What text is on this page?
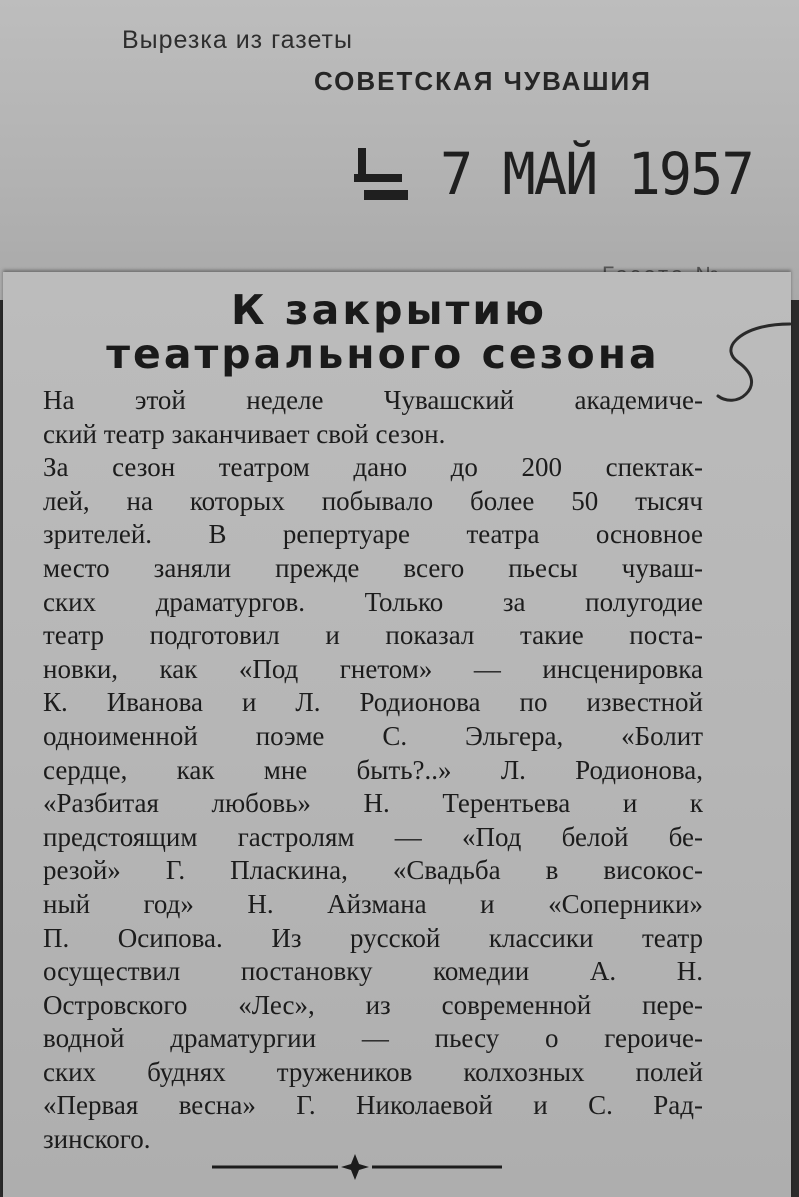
Вырезка из газеты
СОВЕТСКАЯ ЧУВАШИЯ
7 МАЙ 1957
К закрытию
театрального сезона
На этой неделе Чувашский академиче-
ский театр заканчивает свой сезон.
За сезон театром дано до 200 спектак-
лей, на которых побывало более 50 тысяч
зрителей. В репертуаре театра основное
место заняли прежде всего пьесы чуваш-
ских драматургов. Только за полугодие
театр подготовил и показал такие поста-
новки, как «Под гнетом» — инсценировка
К. Иванова и Л. Родионова по известной
одноименной поэме С. Эльгера, «Болит
сердце, как мне быть?..» Л. Родионова,
«Разбитая любовь» Н. Терентьева и к
предстоящим гастролям — «Под белой бе-
резой» Г. Пласкина, «Свадьба в високос-
ный год» Н. Айзмана и «Соперники»
П. Осипова. Из русской классики театр
осуществил постановку комедии А. Н.
Островского «Лес», из современной пере-
водной драматургии — пьесу о героиче-
ских буднях тружеников колхозных полей
«Первая весна» Г. Николаевой и С. Рад-
зинского.
